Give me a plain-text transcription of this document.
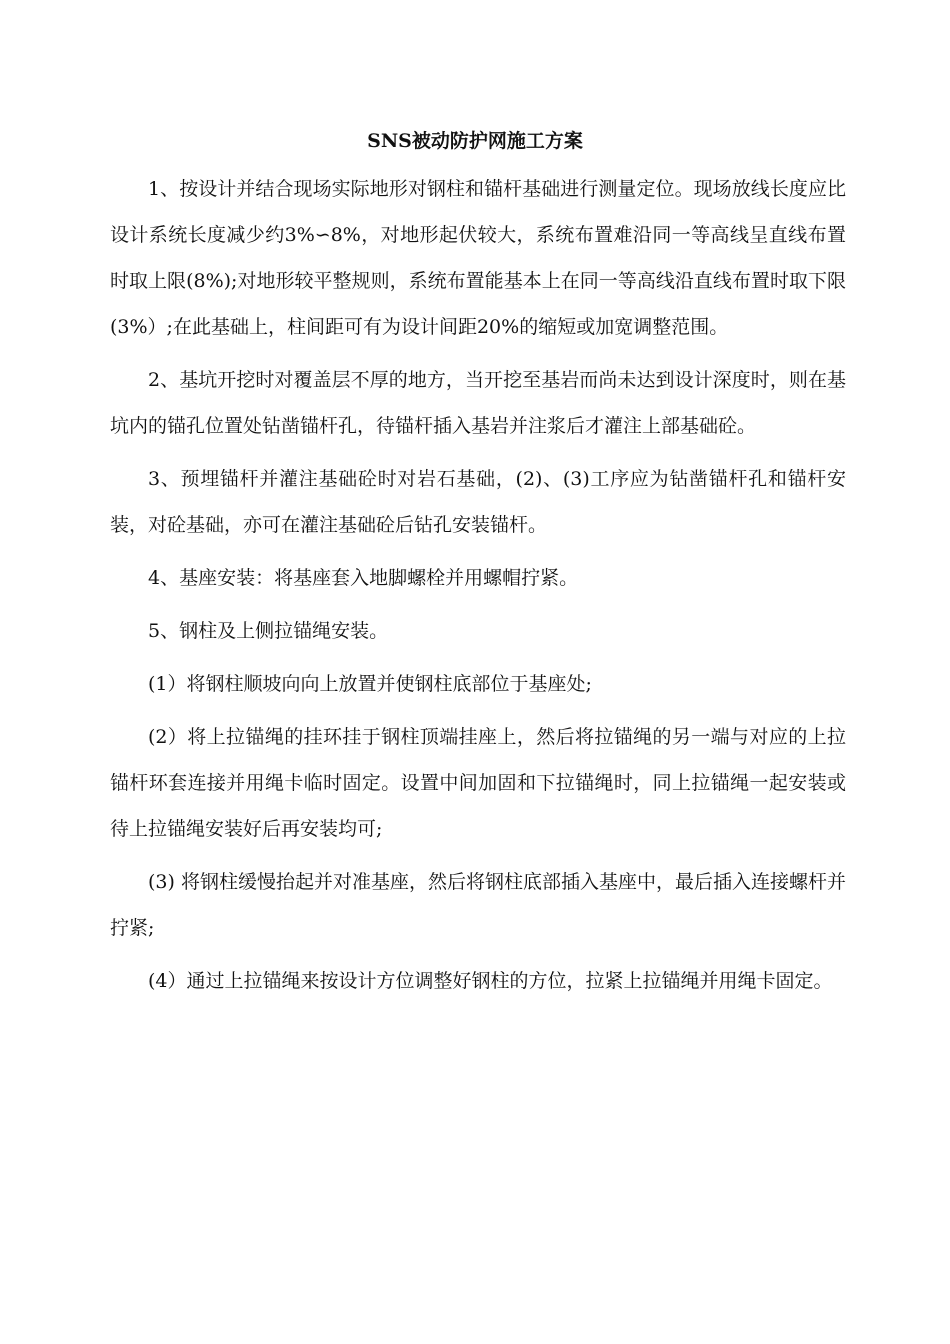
SNS被动防护网施工方案

1、按设计并结合现场实际地形对钢柱和锚杆基础进行测量定位。现场放线长度应比设计系统长度减少约3%∽8%，对地形起伏较大，系统布置难沿同一等高线呈直线布置时取上限(8%);对地形较平整规则，系统布置能基本上在同一等高线沿直线布置时取下限(3%）;在此基础上，柱间距可有为设计间距20%的缩短或加宽调整范围。

2、基坑开挖时对覆盖层不厚的地方，当开挖至基岩而尚未达到设计深度时，则在基坑内的锚孔位置处钻凿锚杆孔，待锚杆插入基岩并注浆后才灌注上部基础砼。

3、预埋锚杆并灌注基础砼时对岩石基础，(2)、(3)工序应为钻凿锚杆孔和锚杆安装，对砼基础，亦可在灌注基础砼后钻孔安装锚杆。

4、基座安装：将基座套入地脚螺栓并用螺帽拧紧。

5、钢柱及上侧拉锚绳安装。

(1）将钢柱顺坡向向上放置并使钢柱底部位于基座处;

(2）将上拉锚绳的挂环挂于钢柱顶端挂座上，然后将拉锚绳的另一端与对应的上拉锚杆环套连接并用绳卡临时固定。设置中间加固和下拉锚绳时，同上拉锚绳一起安装或待上拉锚绳安装好后再安装均可;

(3) 将钢柱缓慢抬起并对准基座，然后将钢柱底部插入基座中，最后插入连接螺杆并拧紧;

(4）通过上拉锚绳来按设计方位调整好钢柱的方位，拉紧上拉锚绳并用绳卡固定。
